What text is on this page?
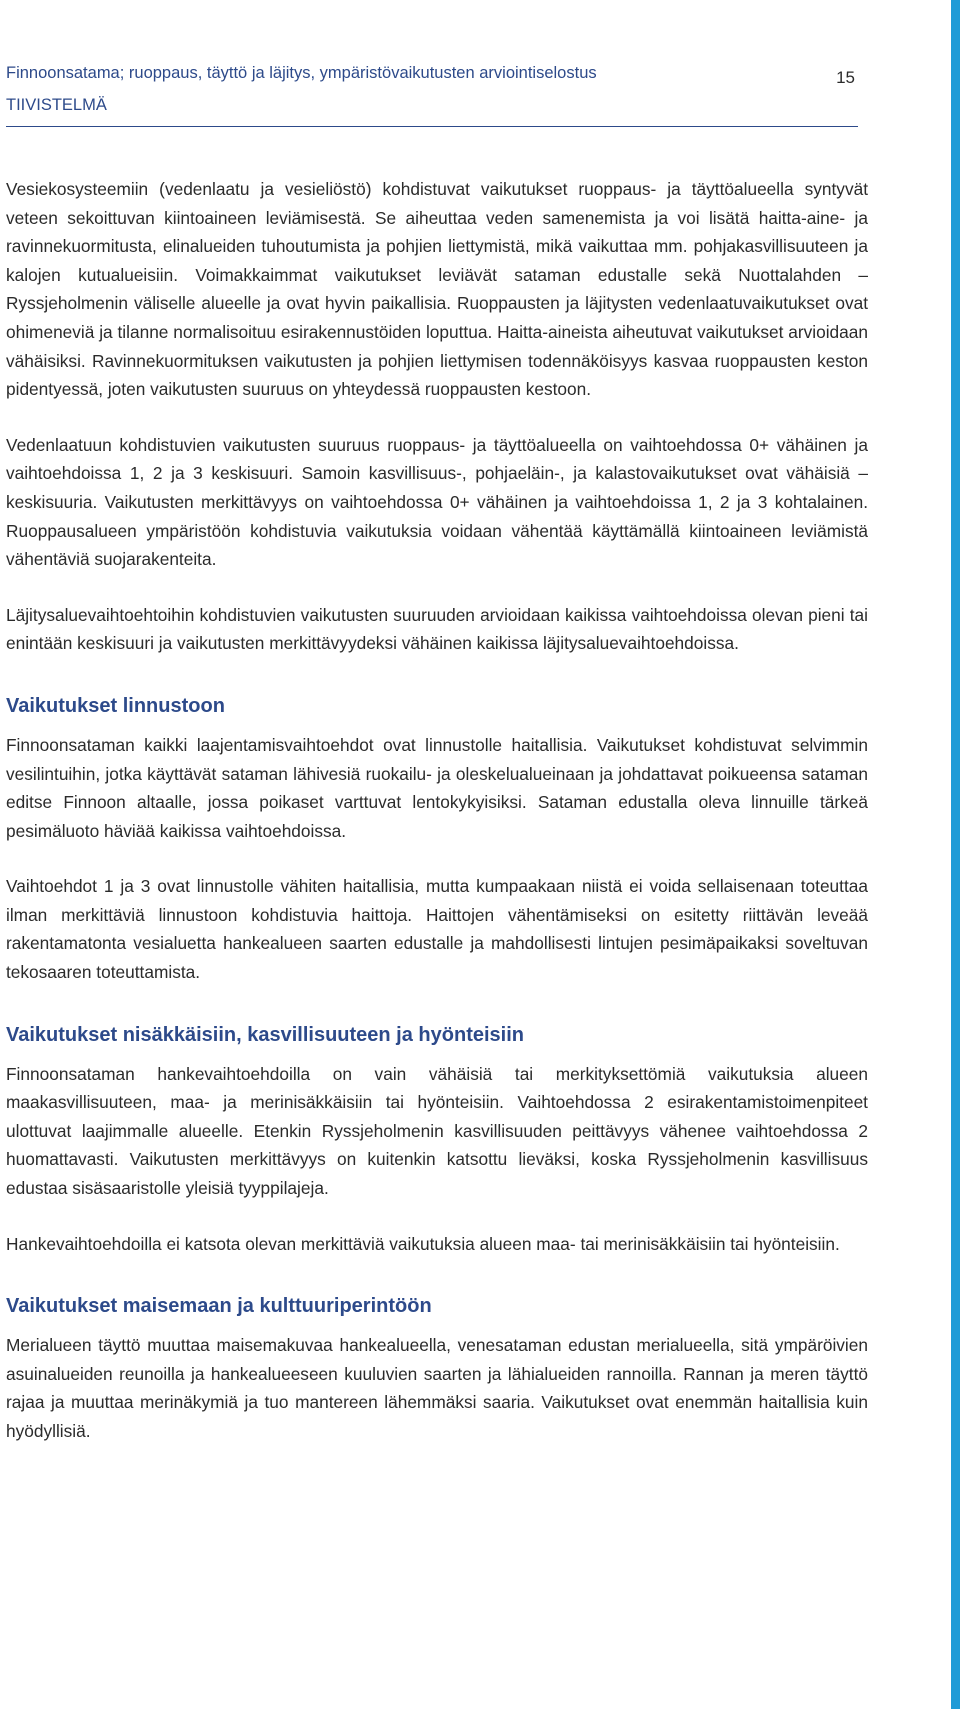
Finnoonsatama; ruoppaus, täyttö ja läjitys, ympäristövaikutusten arviointiselostus
TIIVISTELMÄ
15

Vesiekosysteemiin (vedenlaatu ja vesieliöstö) kohdistuvat vaikutukset ruoppaus- ja täyttöalueella syntyvät veteen sekoittuvan kiintoaineen leviämisestä. Se aiheuttaa veden samenemista ja voi lisätä haitta-aine- ja ravinnekuormitusta, elinalueiden tuhoutumista ja pohjien liettymistä, mikä vaikuttaa mm. pohjakasvillisuuteen ja kalojen kutualueisiin. Voimakkaimmat vaikutukset leviävät sataman edustalle sekä Nuottalahden – Ryssjeholmenin väliselle alueelle ja ovat hyvin paikallisia. Ruoppausten ja läjitysten vedenlaatuvaikutukset ovat ohimeneviä ja tilanne normalisoituu esirakennustöiden loputtua. Haitta-aineista aiheutuvat vaikutukset arvioidaan vähäisiksi. Ravinnekuormituksen vaikutusten ja pohjien liettymisen todennäköisyys kasvaa ruoppausten keston pidentyessä, joten vaikutusten suuruus on yhteydessä ruoppausten kestoon.

Vedenlaatuun kohdistuvien vaikutusten suuruus ruoppaus- ja täyttöalueella on vaihtoehdossa 0+ vähäinen ja vaihtoehdoissa 1, 2 ja 3 keskisuuri. Samoin kasvillisuus-, pohjaeläin-, ja kalastovaikutukset ovat vähäisiä – keskisuuria. Vaikutusten merkittävyys on vaihtoehdossa 0+ vähäinen ja vaihtoehdoissa 1, 2 ja 3 kohtalainen. Ruoppausalueen ympäristöön kohdistuvia vaikutuksia voidaan vähentää käyttämällä kiintoaineen leviämistä vähentäviä suojarakenteita.

Läjitysaluevaihtoehtoihin kohdistuvien vaikutusten suuruuden arvioidaan kaikissa vaihtoehdoissa olevan pieni tai enintään keskisuuri ja vaikutusten merkittävyydeksi vähäinen kaikissa läjitysaluevaihtoehdoissa.

Vaikutukset linnustoon

Finnoonsataman kaikki laajentamisvaihtoehdot ovat linnustolle haitallisia. Vaikutukset kohdistuvat selvimmin vesilintuihin, jotka käyttävät sataman lähivesiä ruokailu- ja oleskelualueinaan ja johdattavat poikueensa sataman editse Finnoon altaalle, jossa poikaset varttuvat lentokykyisiksi. Sataman edustalla oleva linnuille tärkeä pesimäluoto häviää kaikissa vaihtoehdoissa.

Vaihtoehdot 1 ja 3 ovat linnustolle vähiten haitallisia, mutta kumpaakaan niistä ei voida sellaisenaan toteuttaa ilman merkittäviä linnustoon kohdistuvia haittoja. Haittojen vähentämiseksi on esitetty riittävän leveää rakentamatonta vesialuetta hankealueen saarten edustalle ja mahdollisesti lintujen pesimäpaikaksi soveltuvan tekosaaren toteuttamista.

Vaikutukset nisäkkäisiin, kasvillisuuteen ja hyönteisiin

Finnoonsataman hankevaihtoehdoilla on vain vähäisiä tai merkityksettömiä vaikutuksia alueen maakasvillisuuteen, maa- ja merinisäkkäisiin tai hyönteisiin. Vaihtoehdossa 2 esirakentamistoimenpiteet ulottuvat laajimmalle alueelle. Etenkin Ryssjeholmenin kasvillisuuden peittävyys vähenee vaihtoehdossa 2 huomattavasti. Vaikutusten merkittävyys on kuitenkin katsottu lieväksi, koska Ryssjeholmenin kasvillisuus edustaa sisäsaaristolle yleisiä tyyppilajeja.

Hankevaihtoehdoilla ei katsota olevan merkittäviä vaikutuksia alueen maa- tai merinisäkkäisiin tai hyönteisiin.

Vaikutukset maisemaan ja kulttuuriperintöön

Merialueen täyttö muuttaa maisemakuvaa hankealueella, venesatаman edustan merialueella, sitä ympäröivien asuinalueiden reunoilla ja hankealueeseen kuuluvien saarten ja lähialueiden rannoilla. Rannan ja meren täyttö rajaa ja muuttaa merinäkymiä ja tuo mantereen lähemmäksi saaria. Vaikutukset ovat enemmän haitallisia kuin hyödyllisiä.
